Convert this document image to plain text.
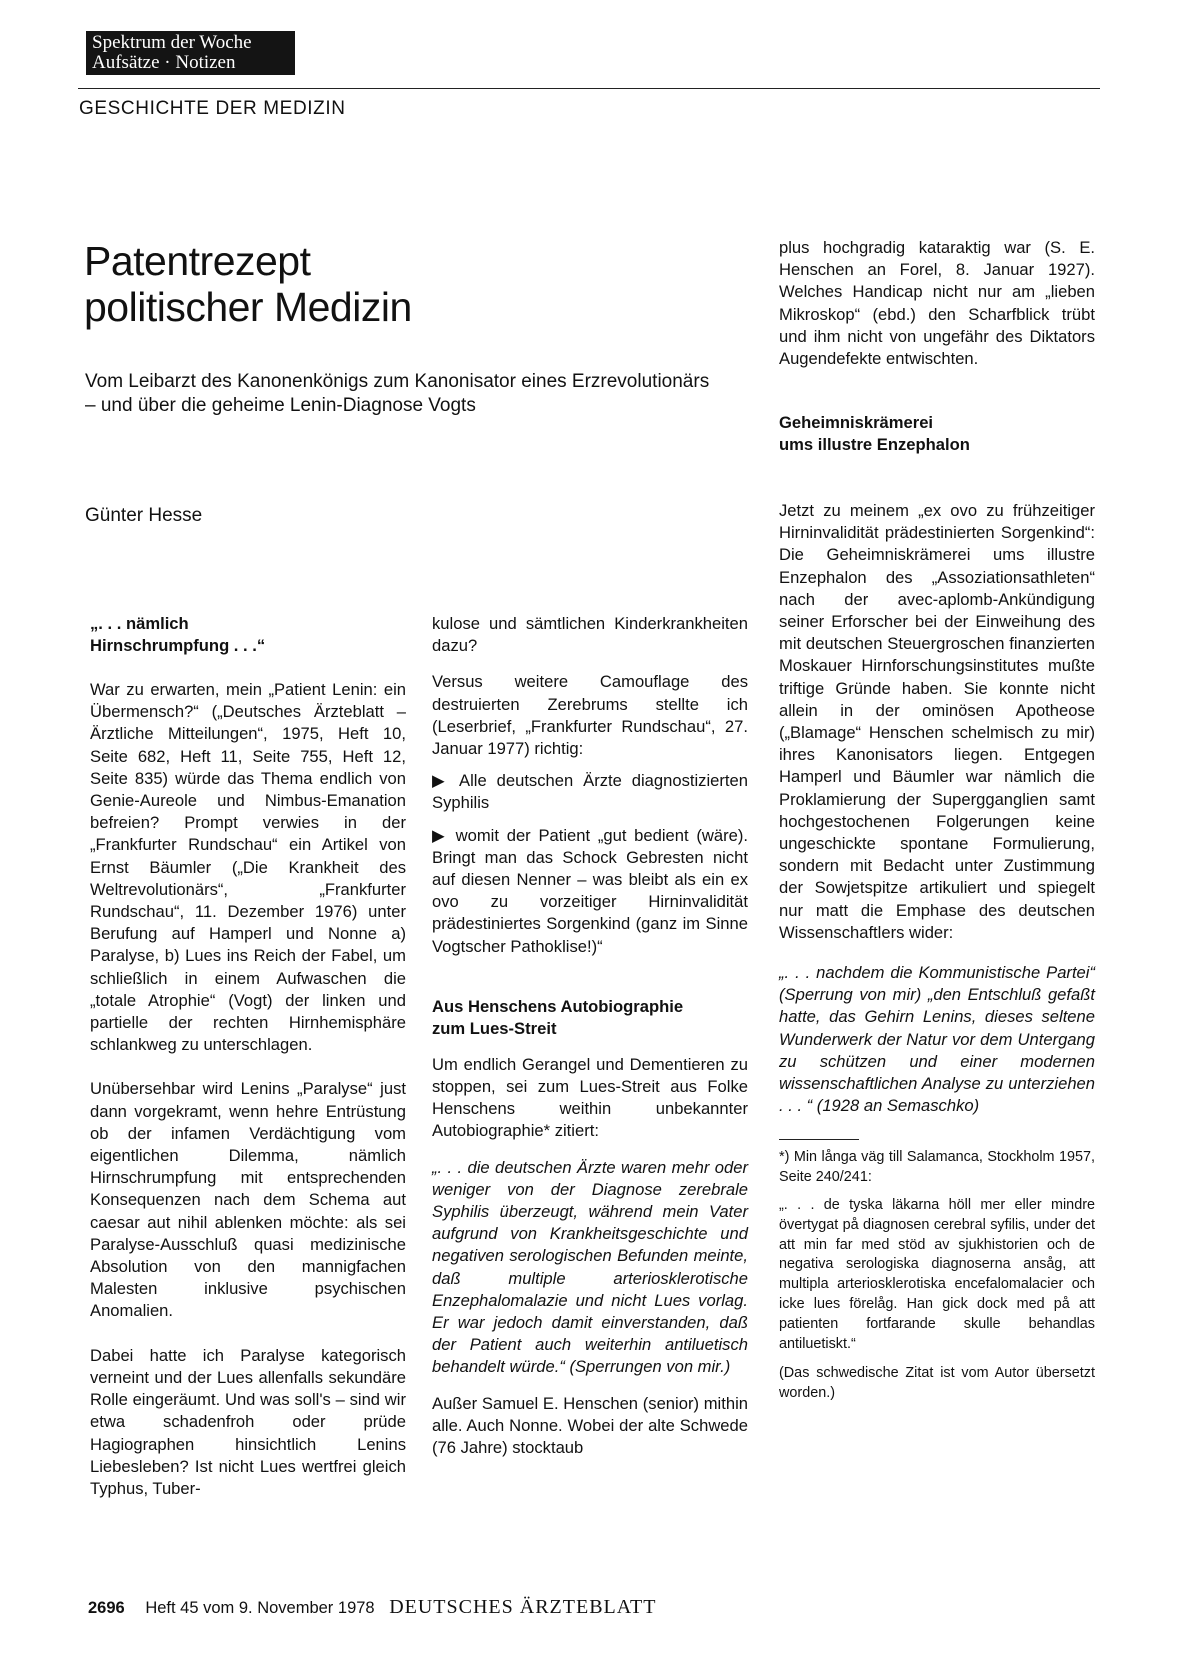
Spektrum der Woche
Aufsätze · Notizen
GESCHICHTE DER MEDIZIN
Patentrezept
politischer Medizin
Vom Leibarzt des Kanonenkönigs zum Kanonisator eines Erzrevolutionärs – und über die geheime Lenin-Diagnose Vogts
Günter Hesse
„. . . nämlich
Hirnschrumpfung . . .“

War zu erwarten, mein „Patient Lenin: ein Übermensch?“ („Deutsches Ärzteblatt – Ärztliche Mitteilungen“, 1975, Heft 10, Seite 682, Heft 11, Seite 755, Heft 12, Seite 835) würde das Thema endlich von Genie-Aureole und Nimbus-Emanation befreien? Prompt verwies in der „Frankfurter Rundschau“ ein Artikel von Ernst Bäumler („Die Krankheit des Weltrevolutionärs“, „Frankfurter Rundschau“, 11. Dezember 1976) unter Berufung auf Hamperl und Nonne a) Paralyse, b) Lues ins Reich der Fabel, um schließlich in einem Aufwaschen die „totale Atrophie“ (Vogt) der linken und partielle der rechten Hirnhemisphäre schlankweg zu unterschlagen.

Unübersehbar wird Lenins „Paralyse“ just dann vorgekramt, wenn hehre Entrüstung ob der infamen Verdächtigung vom eigentlichen Dilemma, nämlich Hirnschrumpfung mit entsprechenden Konsequenzen nach dem Schema aut caesar aut nihil ablenken möchte: als sei Paralyse-Ausschluß quasi medizinische Absolution von den mannigfachen Malesten inklusive psychischen Anomalien.

Dabei hatte ich Paralyse kategorisch verneint und der Lues allenfalls sekundäre Rolle eingeräumt. Und was soll's – sind wir etwa schadenfroh oder prüde Hagiographen hinsichtlich Lenins Liebesleben? Ist nicht Lues wertfrei gleich Typhus, Tuber-

kulose und sämtlichen Kinderkrankheiten dazu?

Versus weitere Camouflage des destruierten Zerebrums stellte ich (Leserbrief, „Frankfurter Rundschau“, 27. Januar 1977) richtig:

▶ Alle deutschen Ärzte diagnostizierten Syphilis

▶ womit der Patient „gut bedient (wäre). Bringt man das Schock Gebresten nicht auf diesen Nenner – was bleibt als ein ex ovo zu vorzeitiger Hirninvalidität prädestiniertes Sorgenkind (ganz im Sinne Vogtscher Pathoklise!)“

Aus Henschens Autobiographie
zum Lues-Streit

Um endlich Gerangel und Dementieren zu stoppen, sei zum Lues-Streit aus Folke Henschens weithin unbekannter Autobiographie* zitiert:

„. . . die deutschen Ärzte waren mehr oder weniger von der Diagnose zerebrale Syphilis überzeugt, während mein Vater aufgrund von Krankheitsgeschichte und negativen serologischen Befunden meinte, daß multiple arteriosklerotische Enzephalomalazie und nicht Lues vorlag. Er war jedoch damit einverstanden, daß der Patient auch weiterhin antiluetisch behandelt würde.“ (Sperrungen von mir.)

Außer Samuel E. Henschen (senior) mithin alle. Auch Nonne. Wobei der alte Schwede (76 Jahre) stocktaub

plus hochgradig kataraktig war (S. E. Henschen an Forel, 8. Januar 1927). Welches Handicap nicht nur am „lieben Mikroskop“ (ebd.) den Scharfblick trübt und ihm nicht von ungefähr des Diktators Augendefekte entwischten.

Geheimniskrämerei
ums illustre Enzephalon

Jetzt zu meinem „ex ovo zu frühzeitiger Hirninvalidität prädestinierten Sorgenkind“: Die Geheimniskrämerei ums illustre Enzephalon des „Assoziationsathleten“ nach der avec-aplomb-Ankündigung seiner Erforscher bei der Einweihung des mit deutschen Steuergroschen finanzierten Moskauer Hirnforschungsinstitutes mußte triftige Gründe haben. Sie konnte nicht allein in der ominösen Apotheose („Blamage“ Henschen schelmisch zu mir) ihres Kanonisators liegen. Entgegen Hamperl und Bäumler war nämlich die Proklamierung der Supergganglien samt hochgestochenen Folgerungen keine ungeschickte spontane Formulierung, sondern mit Bedacht unter Zustimmung der Sowjetspitze artikuliert und spiegelt nur matt die Emphase des deutschen Wissenschaftlers wider:

„. . . nachdem die Kommunistische Partei“ (Sperrung von mir) „den Entschluß gefaßt hatte, das Gehirn Lenins, dieses seltene Wunderwerk der Natur vor dem Untergang zu schützen und einer modernen wissenschaftlichen Analyse zu unterziehen . . . “ (1928 an Semaschko)

*) Min långa väg till Salamanca, Stockholm 1957, Seite 240/241:

„. . . de tyska läkarna höll mer eller mindre övertygat på diagnosen cerebral syfilis, under det att min far med stöd av sjukhistorien och de negativa serologiska diagnoserna ansåg, att multipla arteriosklerotiska encefalomalacier och icke lues förelåg. Han gick dock med på att patienten fortfarande skulle behandlas antiluetiskt.“

(Das schwedische Zitat ist vom Autor übersetzt worden.)

2696 Heft 45 vom 9. November 1978 DEUTSCHES ÄRZTEBLATT
